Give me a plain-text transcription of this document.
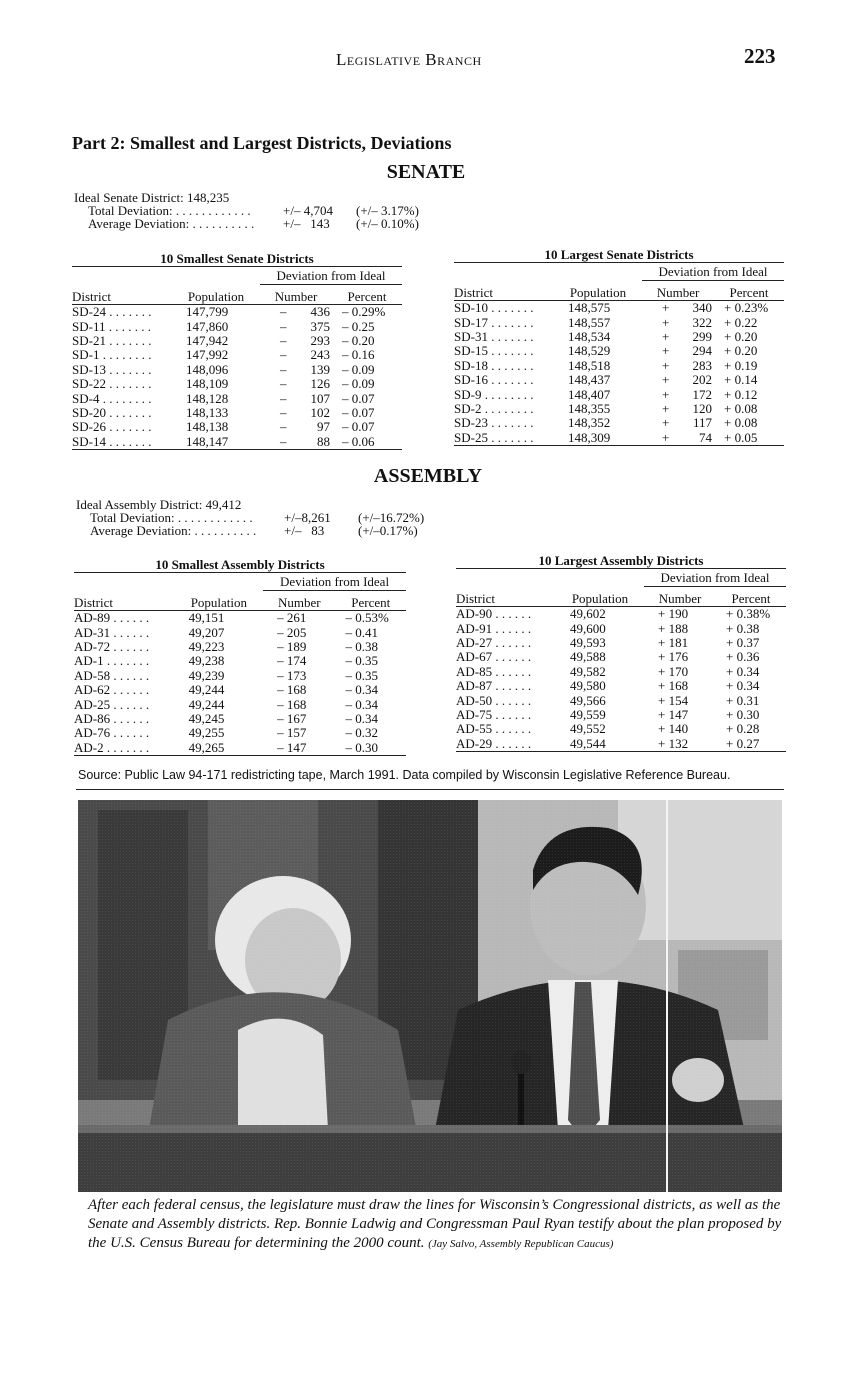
Legislative Branch	223
Part 2: Smallest and Largest Districts, Deviations
SENATE
Ideal Senate District: 148,235
Total Deviation: . . . . . . . . . . . . +/– 4,704 (+/– 3.17%)
Average Deviation: . . . . . . . . . . +/–   143 (+/– 0.10%)
10 Smallest Senate Districts
		Deviation from Ideal	
District	Population	Number	Percent
SD-24 . . . . . . .	147,799	– 436	– 0.29%
SD-11 . . . . . . .	147,860	– 375	– 0.25
SD-21 . . . . . . .	147,942	– 293	– 0.20
SD-1 . . . . . . . .	147,992	– 243	– 0.16
SD-13 . . . . . . .	148,096	– 139	– 0.09
SD-22 . . . . . . .	148,109	– 126	– 0.09
SD-4 . . . . . . . .	148,128	– 107	– 0.07
SD-20 . . . . . . .	148,133	– 102	– 0.07
SD-26 . . . . . . .	148,138	– 97	– 0.07
SD-14 . . . . . . .	148,147	– 88	– 0.06
10 Largest Senate Districts
		Deviation from Ideal	
District	Population	Number	Percent
SD-10 . . . . . . .	148,575	+ 340	+ 0.23%
SD-17 . . . . . . .	148,557	+ 322	+ 0.22
SD-31 . . . . . . .	148,534	+ 299	+ 0.20
SD-15 . . . . . . .	148,529	+ 294	+ 0.20
SD-18 . . . . . . .	148,518	+ 283	+ 0.19
SD-16 . . . . . . .	148,437	+ 202	+ 0.14
SD-9 . . . . . . . .	148,407	+ 172	+ 0.12
SD-2 . . . . . . . .	148,355	+ 120	+ 0.08
SD-23 . . . . . . .	148,352	+ 117	+ 0.08
SD-25 . . . . . . .	148,309	+ 74	+ 0.05
ASSEMBLY
Ideal Assembly District: 49,412
Total Deviation: . . . . . . . . . . . . +/–8,261 (+/–16.72%)
Average Deviation: . . . . . . . . . . +/–   83	(+/–0.17%)
10 Smallest Assembly Districts
		Deviation from Ideal	
District	Population	Number	Percent
AD-89 . . . . . .	49,151	– 261	– 0.53%
AD-31 . . . . . .	49,207	– 205	– 0.41
AD-72 . . . . . .	49,223	– 189	– 0.38
AD-1 . . . . . . .	49,238	– 174	– 0.35
AD-58 . . . . . .	49,239	– 173	– 0.35
AD-62 . . . . . .	49,244	– 168	– 0.34
AD-25 . . . . . .	49,244	– 168	– 0.34
AD-86 . . . . . .	49,245	– 167	– 0.34
AD-76 . . . . . .	49,255	– 157	– 0.32
AD-2 . . . . . . .	49,265	– 147	– 0.30
10 Largest Assembly Districts
		Deviation from Ideal	
District	Population	Number	Percent
AD-90 . . . . . .	49,602	+ 190	+ 0.38%
AD-91 . . . . . .	49,600	+ 188	+ 0.38
AD-27 . . . . . .	49,593	+ 181	+ 0.37
AD-67 . . . . . .	49,588	+ 176	+ 0.36
AD-85 . . . . . .	49,582	+ 170	+ 0.34
AD-87 . . . . . .	49,580	+ 168	+ 0.34
AD-50 . . . . . .	49,566	+ 154	+ 0.31
AD-75 . . . . . .	49,559	+ 147	+ 0.30
AD-55 . . . . . .	49,552	+ 140	+ 0.28
AD-29 . . . . . .	49,544	+ 132	+ 0.27
Source: Public Law 94-171 redistricting tape, March 1991. Data compiled by Wisconsin Legislative Reference Bureau.
After each federal census, the legislature must draw the lines for Wisconsin’s Congressional districts, as well as the Senate and Assembly districts. Rep. Bonnie Ladwig and Congressman Paul Ryan testify about the plan proposed by the U.S. Census Bureau for determining the 2000 count. (Jay Salvo, Assembly Republican Caucus)
